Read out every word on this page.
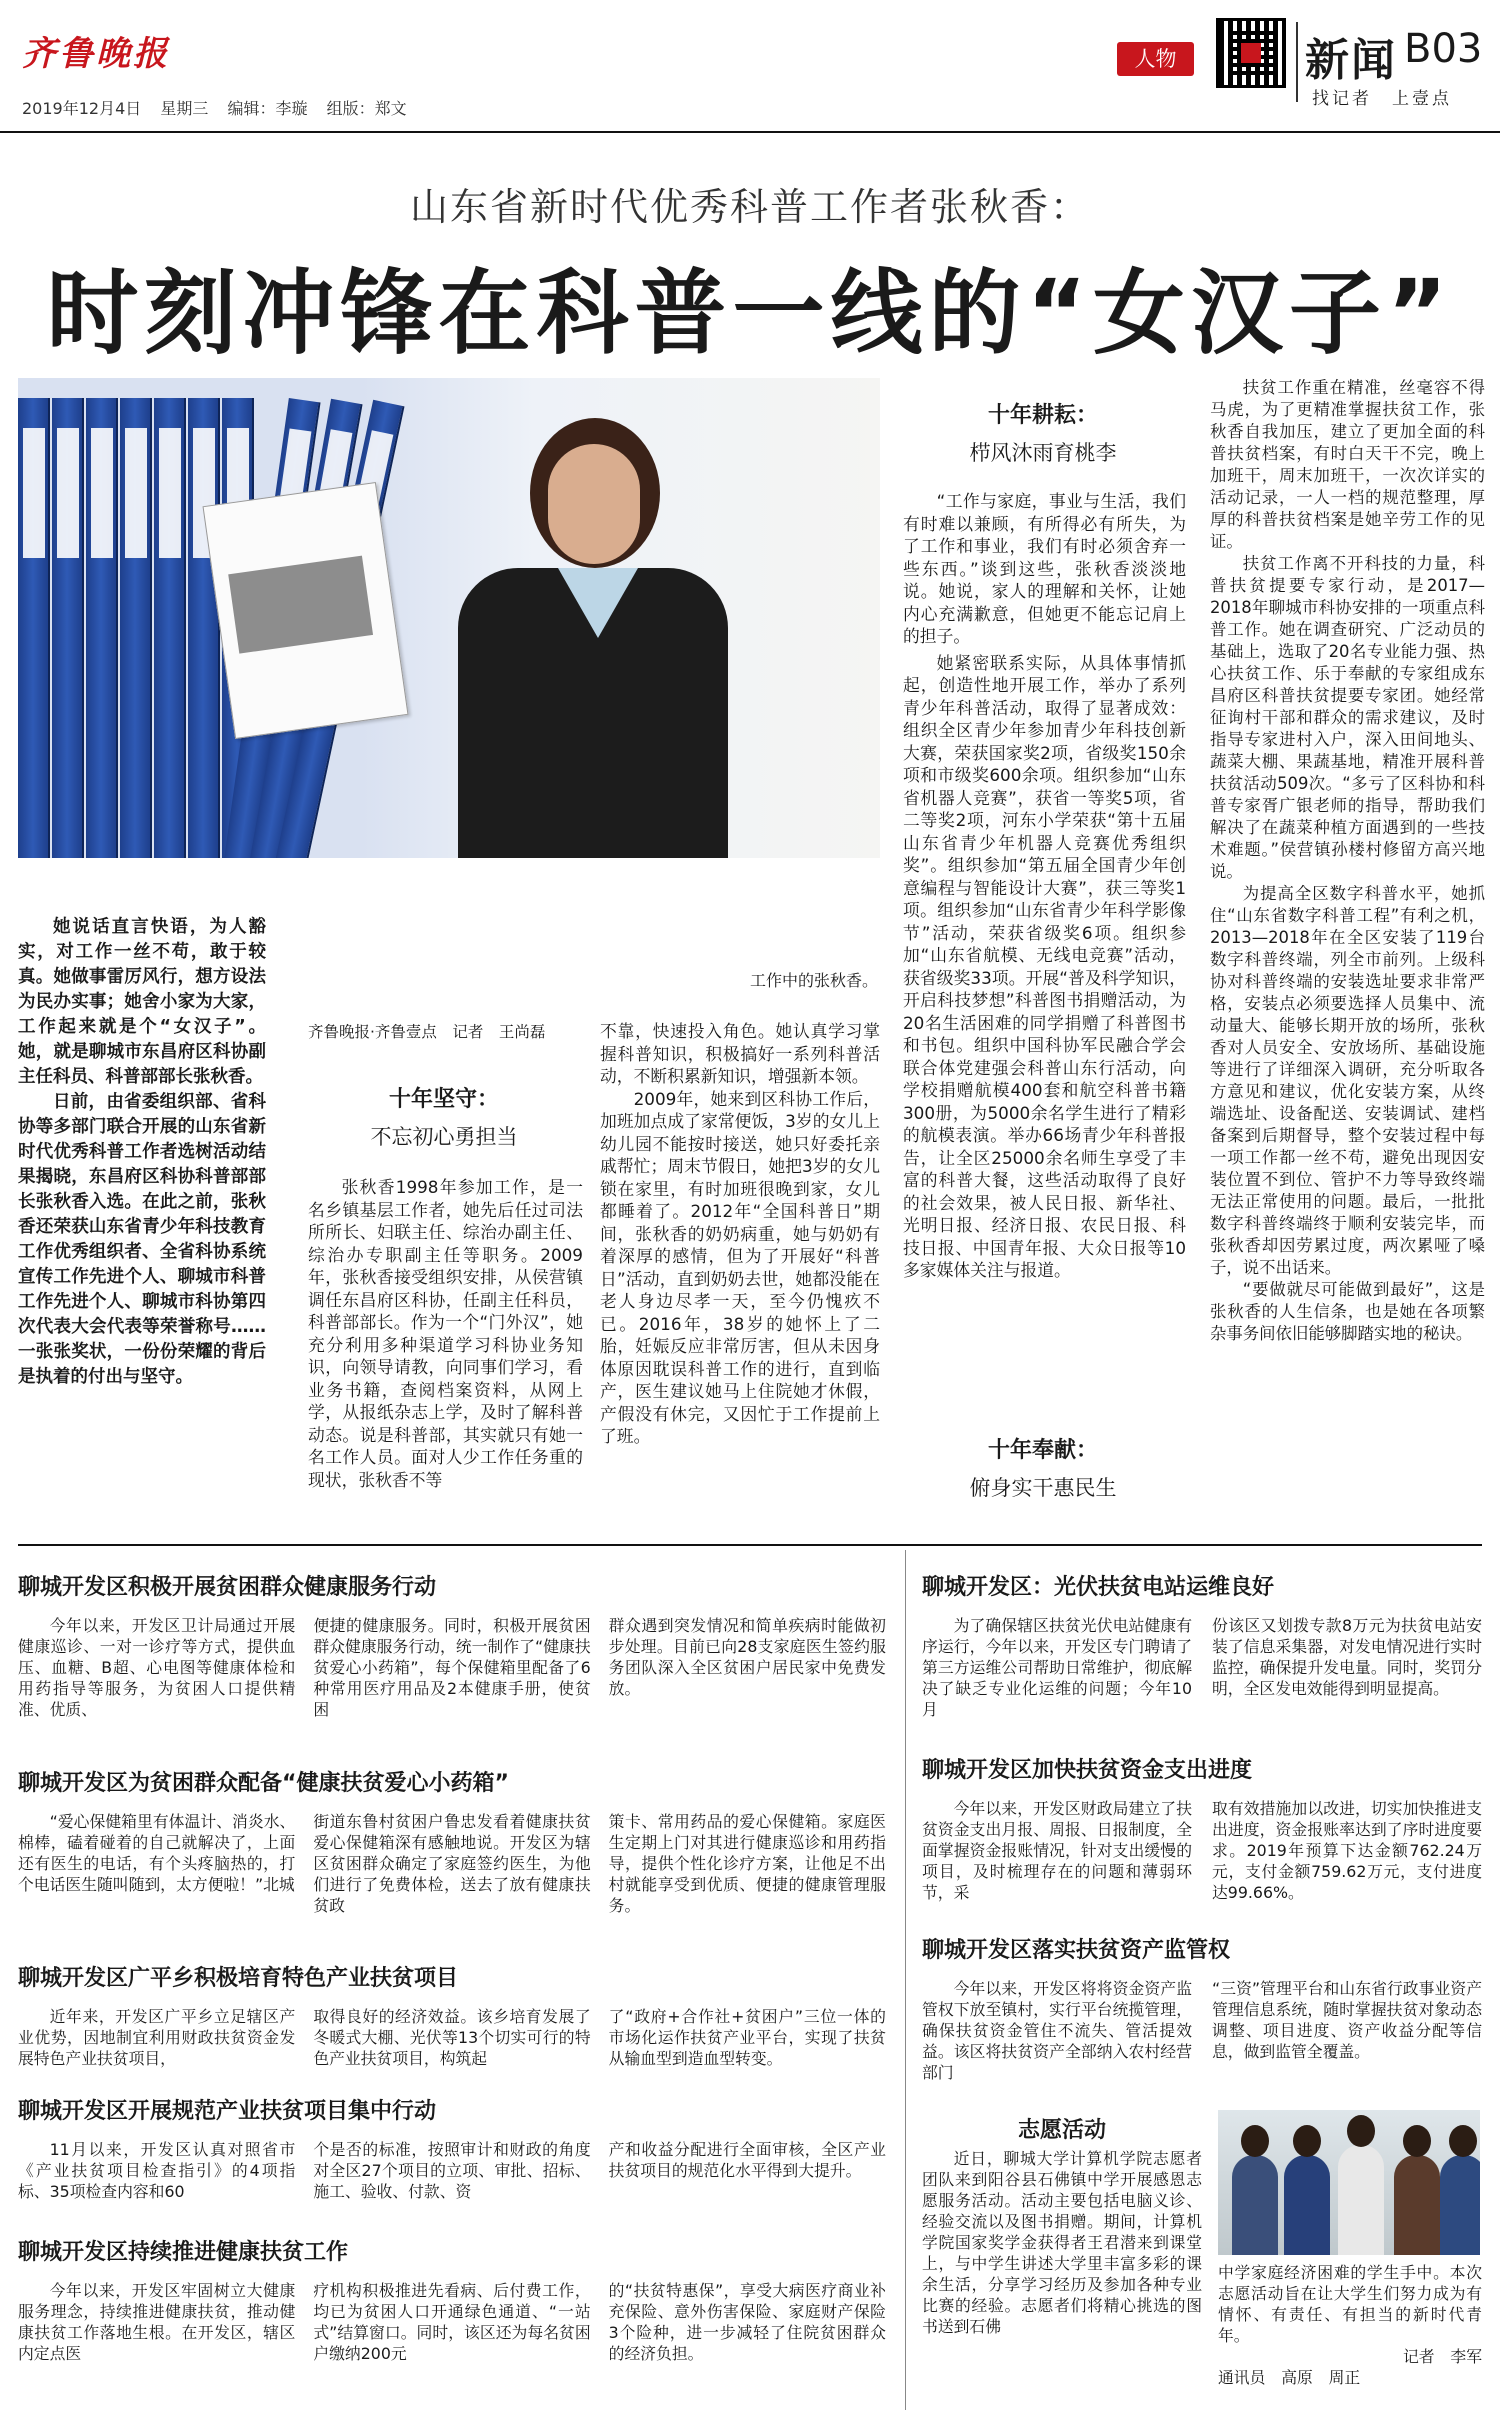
齐鲁晚报
2019年12月4日 星期三 编辑：李璇 组版：郑文
人物	新闻 B03
找记者　 上壹点
山东省新时代优秀科普工作者张秋香：
时刻冲锋在科普一线的“女汉子”

她说话直言快语，为人豁实，对工作一丝不苟，敢于较真。她做事雷厉风行，想方设法为民办实事；她舍小家为大家，工作起来就是个“女汉子”。她，就是聊城市东昌府区科协副主任科员、科普部部长张秋香。

日前，由省委组织部、省科协等多部门联合开展的山东省新时代优秀科普工作者选树活动结果揭晓，东昌府区科协科普部部长张秋香入选。在此之前，张秋香还荣获山东省青少年科技教育工作优秀组织者、全省科协系统宣传工作先进个人、聊城市科普工作先进个人、聊城市科协第四次代表大会代表等荣誉称号……一张张奖状，一份份荣耀的背后是执着的付出与坚守。

工作中的张秋香。
齐鲁晚报·齐鲁壹点　记者　王尚磊
十年坚守：
不忘初心勇担当

张秋香1998年参加工作，是一名乡镇基层工作者，她先后任过司法所所长、妇联主任、综治办副主任、综治办专职副主任等职务。2009年，张秋香接受组织安排，从侯营镇调任东昌府区科协，任副主任科员，科普部部长。作为一个“门外汉”，她充分利用多种渠道学习科协业务知识，向领导请教，向同事们学习，看业务书籍，查阅档案资料，从网上学，从报纸杂志上学，及时了解科普动态。说是科普部，其实就只有她一名工作人员。面对人少工作任务重的现状，张秋香不等

不靠，快速投入角色。她认真学习掌握科普知识，积极搞好一系列科普活动，不断积累新知识，增强新本领。

2009年，她来到区科协工作后，加班加点成了家常便饭，3岁的女儿上幼儿园不能按时接送，她只好委托亲戚帮忙；周末节假日，她把3岁的女儿锁在家里，有时加班很晚到家，女儿都睡着了。2012年“全国科普日”期间，张秋香的奶奶病重，她与奶奶有着深厚的感情，但为了开展好“科普日”活动，直到奶奶去世，她都没能在老人身边尽孝一天，至今仍愧疚不已。2016年，38岁的她怀上了二胎，妊娠反应非常厉害，但从未因身体原因耽误科普工作的进行，直到临产，医生建议她马上住院她才休假，产假没有休完，又因忙于工作提前上了班。

十年耕耘：
栉风沐雨育桃李

“工作与家庭，事业与生活，我们有时难以兼顾，有所得必有所失，为了工作和事业，我们有时必须舍弃一些东西。”谈到这些，张秋香淡淡地说。她说，家人的理解和关怀，让她内心充满歉意，但她更不能忘记肩上的担子。

她紧密联系实际，从具体事情抓起，创造性地开展工作，举办了系列青少年科普活动，取得了显著成效：组织全区青少年参加青少年科技创新大赛，荣获国家奖2项，省级奖150余项和市级奖600余项。组织参加“山东省机器人竞赛”，获省一等奖5项，省二等奖2项，河东小学荣获“第十五届山东省青少年机器人竞赛优秀组织奖”。组织参加“第五届全国青少年创意编程与智能设计大赛”，获三等奖1项。组织参加“山东省青少年科学影像节”活动，荣获省级奖6项。组织参加“山东省航模、无线电竞赛”活动，获省级奖33项。开展“普及科学知识，开启科技梦想”科普图书捐赠活动，为20名生活困难的同学捐赠了科普图书和书包。组织中国科协军民融合学会联合体党建强会科普山东行活动，向学校捐赠航模400套和航空科普书籍300册，为5000余名学生进行了精彩的航模表演。举办66场青少年科普报告，让全区25000余名师生享受了丰富的科普大餐，这些活动取得了良好的社会效果，被人民日报、新华社、光明日报、经济日报、农民日报、科技日报、中国青年报、大众日报等10多家媒体关注与报道。

十年奉献：
俯身实干惠民生

扶贫工作重在精准，丝毫容不得马虎，为了更精准掌握扶贫工作，张秋香自我加压，建立了更加全面的科普扶贫档案，有时白天干不完，晚上加班干，周末加班干，一次次详实的活动记录，一人一档的规范整理，厚厚的科普扶贫档案是她辛劳工作的见证。

扶贫工作离不开科技的力量，科普扶贫提要专家行动，是2017—2018年聊城市科协安排的一项重点科普工作。她在调查研究、广泛动员的基础上，选取了20名专业能力强、热心扶贫工作、乐于奉献的专家组成东昌府区科普扶贫提要专家团。她经常征询村干部和群众的需求建议，及时指导专家进村入户，深入田间地头、蔬菜大棚、果蔬基地，精准开展科普扶贫活动509次。“多亏了区科协和科普专家胥广银老师的指导，帮助我们解决了在蔬菜种植方面遇到的一些技术难题。”侯营镇孙楼村修留方高兴地说。

为提高全区数字科普水平，她抓住“山东省数字科普工程”有利之机，2013—2018年在全区安装了119台数字科普终端，列全市前列。上级科协对科普终端的安装选址要求非常严格，安装点必须要选择人员集中、流动量大、能够长期开放的场所，张秋香对人员安全、安放场所、基础设施等进行了详细深入调研，充分听取各方意见和建议，优化安装方案，从终端选址、设备配送、安装调试、建档备案到后期督导，整个安装过程中每一项工作都一丝不苟，避免出现因安装位置不到位、管护不力等导致终端无法正常使用的问题。最后，一批批数字科普终端终于顺利安装完毕，而张秋香却因劳累过度，两次累哑了嗓子，说不出话来。

“要做就尽可能做到最好”，这是张秋香的人生信条，也是她在各项繁杂事务间依旧能够脚踏实地的秘诀。

聊城开发区积极开展贫困群众健康服务行动

今年以来，开发区卫计局通过开展健康巡诊、一对一诊疗等方式，提供血压、血糖、B超、心电图等健康体检和用药指导等服务，为贫困人口提供精准、优质、

便捷的健康服务。同时，积极开展贫困群众健康服务行动，统一制作了“健康扶贫爱心小药箱”，每个保健箱里配备了6种常用医疗用品及2本健康手册，使贫困
群众遇到突发情况和简单疾病时能做初步处理。目前已向28支家庭医生签约服务团队深入全区贫困户居民家中免费发放。
聊城开发区为贫困群众配备“健康扶贫爱心小药箱”

“爱心保健箱里有体温计、消炎水、棉棒，磕着碰着的自己就解决了，上面还有医生的电话，有个头疼脑热的，打个电话医生随叫随到，太方便啦！”北城

街道东鲁村贫困户鲁忠发看着健康扶贫爱心保健箱深有感触地说。开发区为辖区贫困群众确定了家庭签约医生，为他们进行了免费体检，送去了放有健康扶贫政
策卡、常用药品的爱心保健箱。家庭医生定期上门对其进行健康巡诊和用药指导，提供个性化诊疗方案，让他足不出村就能享受到优质、便捷的健康管理服务。
聊城开发区广平乡积极培育特色产业扶贫项目

近年来，开发区广平乡立足辖区产业优势，因地制宜利用财政扶贫资金发展特色产业扶贫项目，

取得良好的经济效益。该乡培育发展了冬暖式大棚、光伏等13个切实可行的特色产业扶贫项目，构筑起
了“政府+合作社+贫困户”三位一体的市场化运作扶贫产业平台，实现了扶贫从输血型到造血型转变。
聊城开发区开展规范产业扶贫项目集中行动

11月以来，开发区认真对照省市《产业扶贫项目检查指引》的4项指标、35项检查内容和60

个是否的标准，按照审计和财政的角度对全区27个项目的立项、审批、招标、施工、验收、付款、资
产和收益分配进行全面审核，全区产业扶贫项目的规范化水平得到大提升。
聊城开发区持续推进健康扶贫工作

今年以来，开发区牢固树立大健康服务理念，持续推进健康扶贫，推动健康扶贫工作落地生根。在开发区，辖区内定点医

疗机构积极推进先看病、后付费工作，均已为贫困人口开通绿色通道、“一站式”结算窗口。同时，该区还为每名贫困户缴纳200元
的“扶贫特惠保”，享受大病医疗商业补充保险、意外伤害保险、家庭财产保险3个险种，进一步减轻了住院贫困群众的经济负担。
聊城开发区：光伏扶贫电站运维良好

为了确保辖区扶贫光伏电站健康有序运行，今年以来，开发区专门聘请了第三方运维公司帮助日常维护，彻底解决了缺乏专业化运维的问题；今年10月

份该区又划拨专款8万元为扶贫电站安装了信息采集器，对发电情况进行实时监控，确保提升发电量。同时，奖罚分明，全区发电效能得到明显提高。
聊城开发区加快扶贫资金支出进度

今年以来，开发区财政局建立了扶贫资金支出月报、周报、日报制度，全面掌握资金报账情况，针对支出缓慢的项目，及时梳理存在的问题和薄弱环节，采

取有效措施加以改进，切实加快推进支出进度，资金报账率达到了序时进度要求。2019年预算下达金额762.24万元，支付金额759.62万元，支付进度达99.66%。
聊城开发区落实扶贫资产监管权

今年以来，开发区将将资金资产监管权下放至镇村，实行平台统揽管理，确保扶贫资金管住不流失、管活提效益。该区将扶贫资产全部纳入农村经营部门

“三资”管理平台和山东省行政事业资产管理信息系统，随时掌握扶贫对象动态调整、项目进度、资产收益分配等信息，做到监管全覆盖。
志愿活动

近日，聊城大学计算机学院志愿者团队来到阳谷县石佛镇中学开展感恩志愿服务活动。活动主要包括电脑义诊、经验交流以及图书捐赠。期间，计算机学院国家奖学金获得者王君潜来到课堂上，与中学生讲述大学里丰富多彩的课余生活，分享学习经历及参加各种专业比赛的经验。志愿者们将精心挑选的图书送到石佛

中学家庭经济困难的学生手中。本次志愿活动旨在让大学生们努力成为有情怀、有责任、有担当的新时代青年。
记者　李军
通讯员　高原　周正
